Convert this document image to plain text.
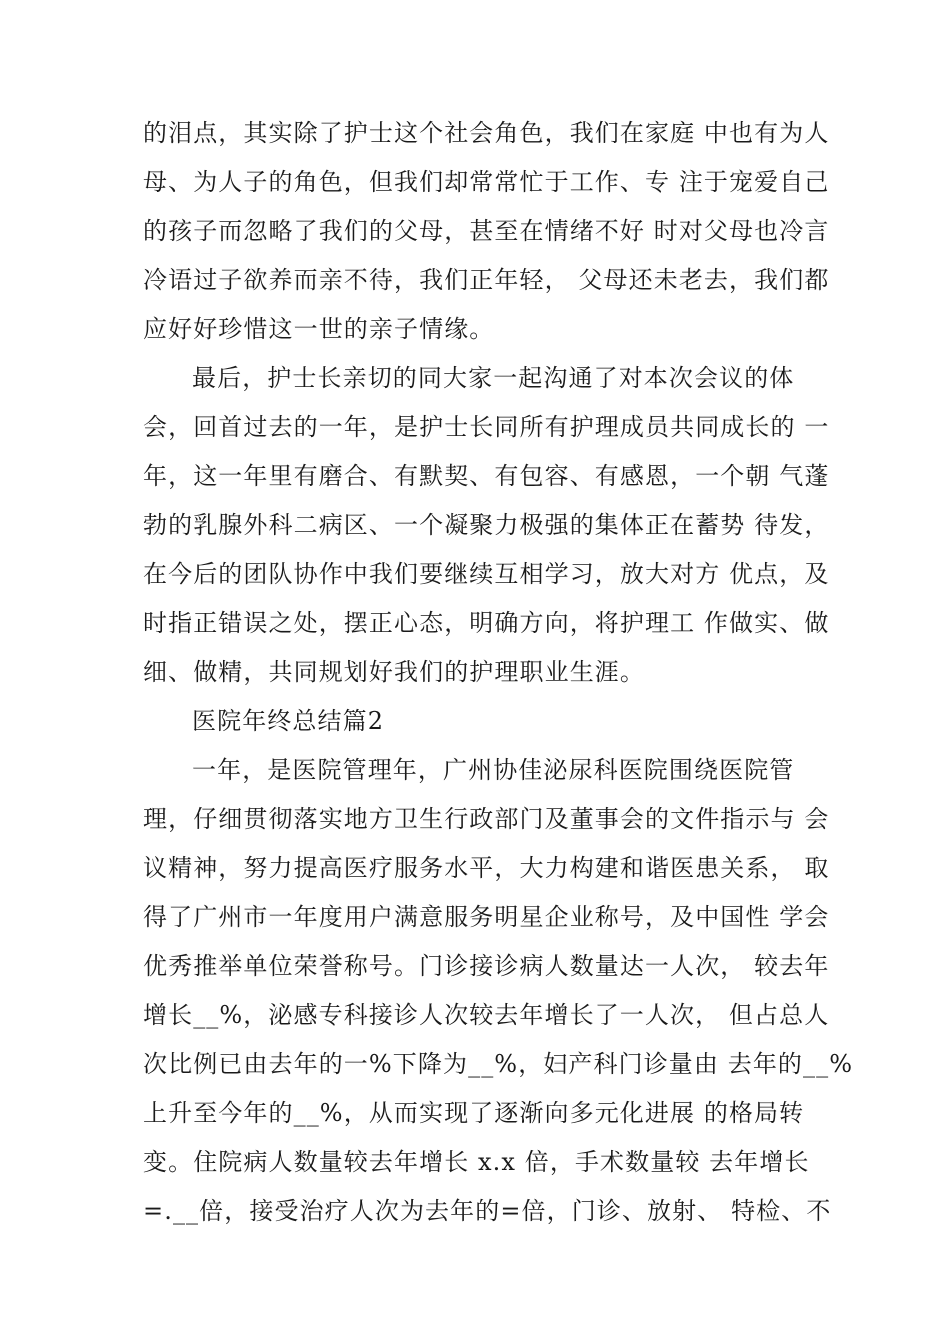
的泪点，其实除了护士这个社会角色，我们在家庭 中也有为人
母、为人子的角色，但我们却常常忙于工作、专 注于宠爱自己
的孩子而忽略了我们的父母，甚至在情绪不好 时对父母也冷言
冷语过子欲养而亲不待，我们正年轻， 父母还未老去，我们都
应好好珍惜这一世的亲子情缘。
最后，护士长亲切的同大家一起沟通了对本次会议的体
会，回首过去的一年，是护士长同所有护理成员共同成长的 一
年，这一年里有磨合、有默契、有包容、有感恩，一个朝 气蓬
勃的乳腺外科二病区、一个凝聚力极强的集体正在蓄势 待发，
在今后的团队协作中我们要继续互相学习，放大对方 优点，及
时指正错误之处，摆正心态，明确方向，将护理工 作做实、做
细、做精，共同规划好我们的护理职业生涯。
医院年终总结篇2
一年，是医院管理年，广州协佳泌尿科医院围绕医院管
理，仔细贯彻落实地方卫生行政部门及董事会的文件指示与 会
议精神，努力提高医疗服务水平，大力构建和谐医患关系， 取
得了广州市一年度用户满意服务明星企业称号，及中国性 学会
优秀推举单位荣誉称号。门诊接诊病人数量达一人次， 较去年
增长__%，泌感专科接诊人次较去年增长了一人次， 但占总人
次比例已由去年的一%下降为__%，妇产科门诊量由 去年的__%
上升至今年的__%，从而实现了逐渐向多元化进展 的格局转
变。住院病人数量较去年增长 x.x 倍，手术数量较 去年增长
=.__倍，接受治疗人次为去年的=倍，门诊、放射、 特检、不
